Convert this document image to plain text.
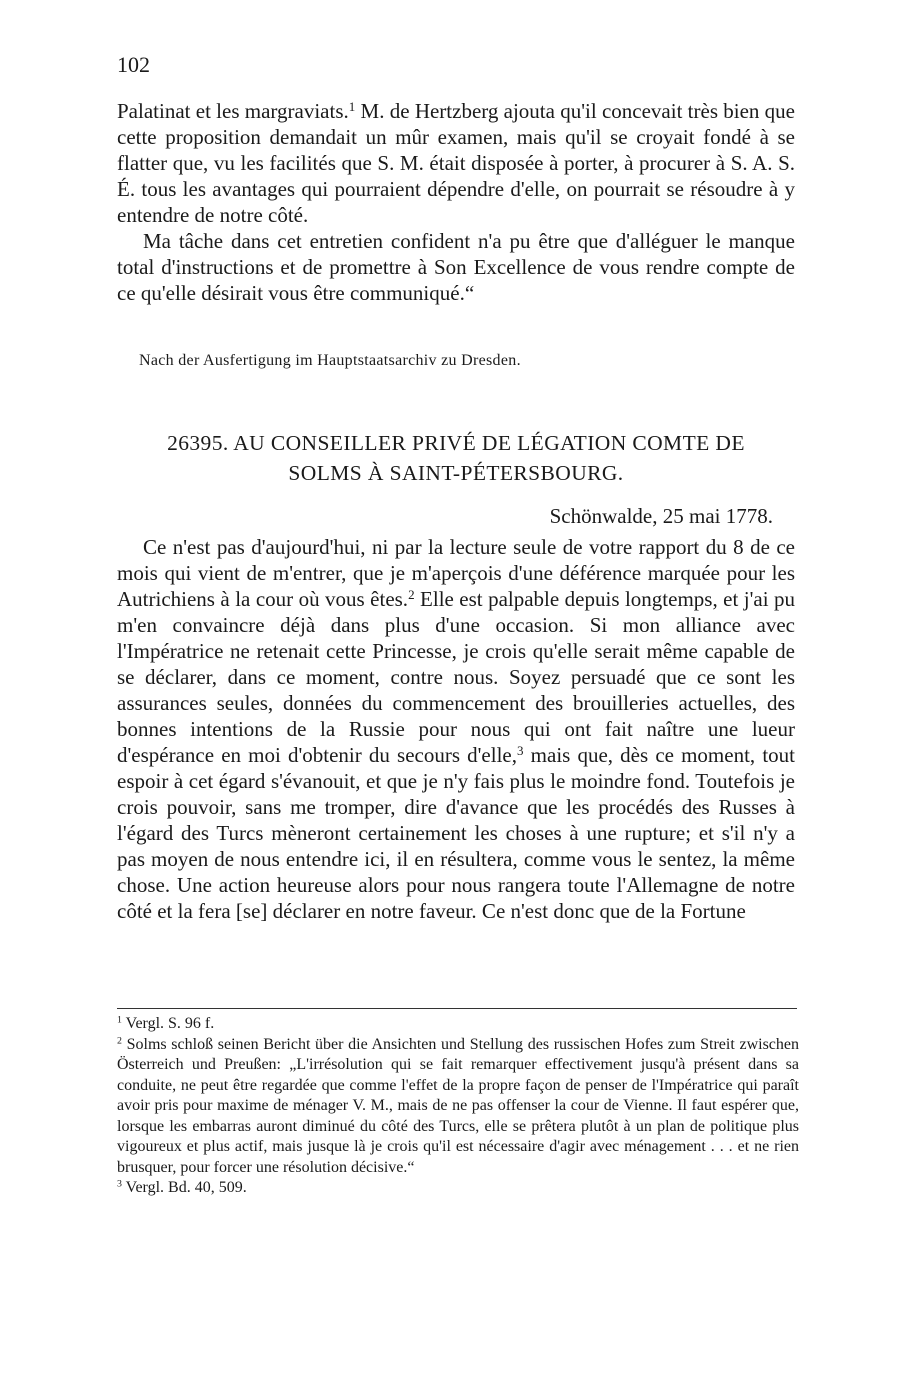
102

Palatinat et les margraviats.$^1$ M. de Hertzberg ajouta qu'il concevait très bien que cette proposition demandait un mûr examen, mais qu'il se croyait fondé à se flatter que, vu les facilités que S. M. était disposée à porter, à procurer à S. A. S. É. tous les avantages qui pourraient dépendre d'elle, on pourrait se résoudre à y entendre de notre côté.

Ma tâche dans cet entretien confident n'a pu être que d'alléguer le manque total d'instructions et de promettre à Son Excellence de vous rendre compte de ce qu'elle désirait vous être communiqué.“

Nach der Ausfertigung im Hauptstaatsarchiv zu Dresden.
26395. AU CONSEILLER PRIVÉ DE LÉGATION COMTE DE
SOLMS À SAINT-PÉTERSBOURG.
Schönwalde, 25 mai 1778.

Ce n'est pas d'aujourd'hui, ni par la lecture seule de votre rapport du 8 de ce mois qui vient de m'entrer, que je m'aperçois d'une déférence marquée pour les Autrichiens à la cour où vous êtes.$^2$ Elle est palpable depuis longtemps, et j'ai pu m'en convaincre déjà dans plus d'une occasion. Si mon alliance avec l'Impératrice ne retenait cette Princesse, je crois qu'elle serait même capable de se déclarer, dans ce moment, contre nous. Soyez persuadé que ce sont les assurances seules, données du commencement des brouilleries actuelles, des bonnes intentions de la Russie pour nous qui ont fait naître une lueur d'espérance en moi d'obtenir du secours d'elle,$^3$ mais que, dès ce moment, tout espoir à cet égard s'évanouit, et que je n'y fais plus le moindre fond. Toutefois je crois pouvoir, sans me tromper, dire d'avance que les procédés des Russes à l'égard des Turcs mèneront certainement les choses à une rupture; et s'il n'y a pas moyen de nous entendre ici, il en résultera, comme vous le sentez, la même chose. Une action heureuse alors pour nous rangera toute l'Allemagne de notre côté et la fera [se] déclarer en notre faveur. Ce n'est donc que de la Fortune

$^1$ Vergl. S. 96 f.

$^2$ Solms schloß seinen Bericht über die Ansichten und Stellung des russischen Hofes zum Streit zwischen Österreich und Preußen: „L'irrésolution qui se fait remarquer effectivement jusqu'à présent dans sa conduite, ne peut être regardée que comme l'effet de la propre façon de penser de l'Impératrice qui paraît avoir pris pour maxime de ménager V. M., mais de ne pas offenser la cour de Vienne. Il faut espérer que, lorsque les embarras auront diminué du côté des Turcs, elle se prêtera plutôt à un plan de politique plus vigoureux et plus actif, mais jusque là je crois qu'il est nécessaire d'agir avec ménagement . . . et ne rien brusquer, pour forcer une résolution décisive.“

$^3$ Vergl. Bd. 40, 509.
